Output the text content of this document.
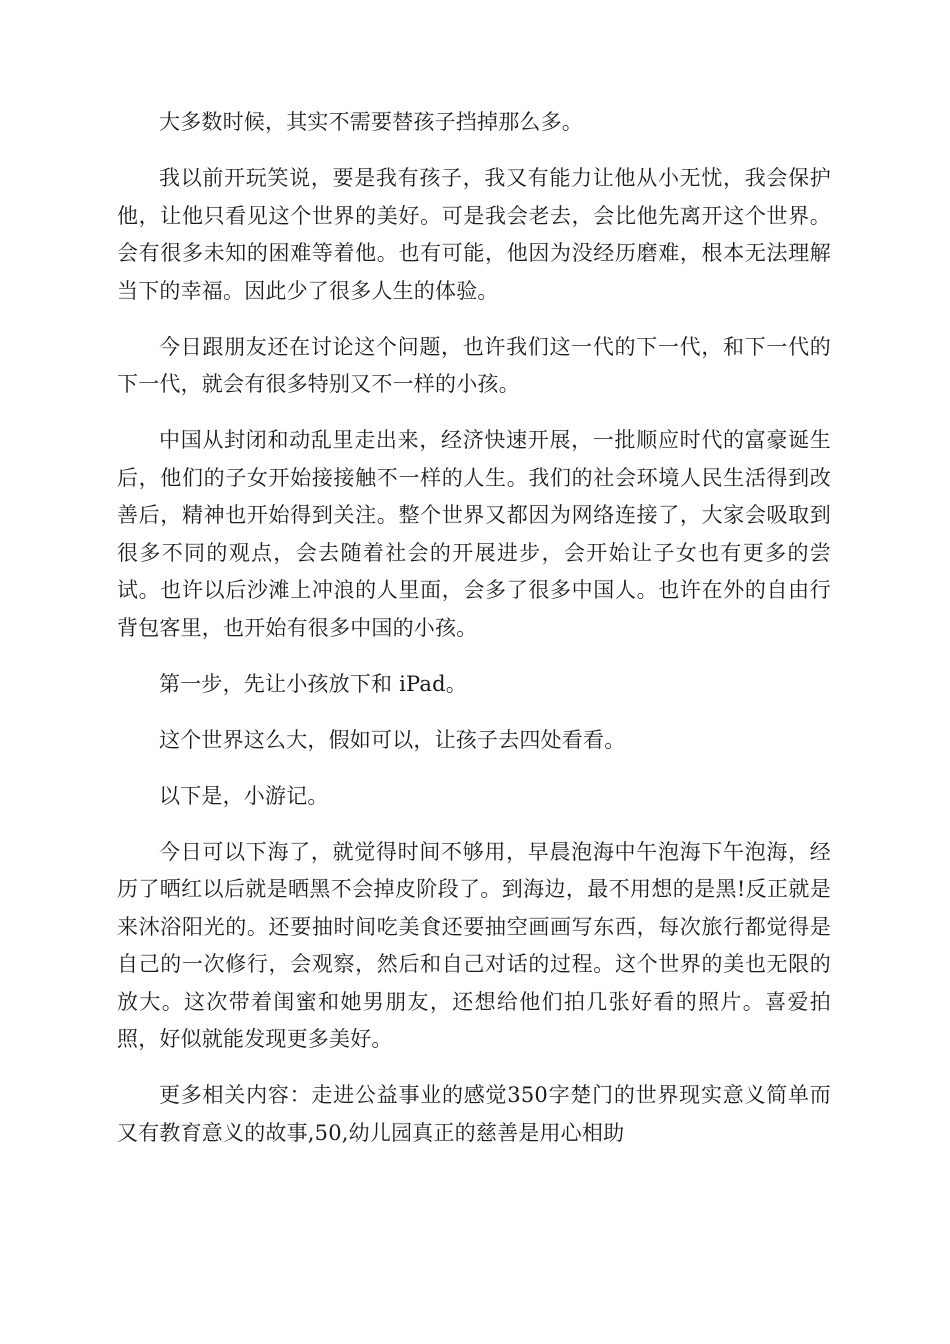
大多数时候，其实不需要替孩子挡掉那么多。

我以前开玩笑说，要是我有孩子，我又有能力让他从小无忧，我会保护他，让他只看见这个世界的美好。可是我会老去，会比他先离开这个世界。会有很多未知的困难等着他。也有可能，他因为没经历磨难，根本无法理解当下的幸福。因此少了很多人生的体验。

今日跟朋友还在讨论这个问题，也许我们这一代的下一代，和下一代的下一代，就会有很多特别又不一样的小孩。

中国从封闭和动乱里走出来，经济快速开展，一批顺应时代的富豪诞生后，他们的子女开始接接触不一样的人生。我们的社会环境人民生活得到改善后，精神也开始得到关注。整个世界又都因为网络连接了，大家会吸取到很多不同的观点，会去随着社会的开展进步，会开始让子女也有更多的尝试。也许以后沙滩上冲浪的人里面，会多了很多中国人。也许在外的自由行背包客里，也开始有很多中国的小孩。

第一步，先让小孩放下和 iPad。

这个世界这么大，假如可以，让孩子去四处看看。

以下是，小游记。

今日可以下海了，就觉得时间不够用，早晨泡海中午泡海下午泡海，经历了晒红以后就是晒黑不会掉皮阶段了。到海边，最不用想的是黑!反正就是来沐浴阳光的。还要抽时间吃美食还要抽空画画写东西，每次旅行都觉得是自己的一次修行，会观察，然后和自己对话的过程。这个世界的美也无限的放大。这次带着闺蜜和她男朋友，还想给他们拍几张好看的照片。喜爱拍照，好似就能发现更多美好。

更多相关内容：走进公益事业的感觉350字楚门的世界现实意义简单而又有教育意义的故事,50,幼儿园真正的慈善是用心相助
